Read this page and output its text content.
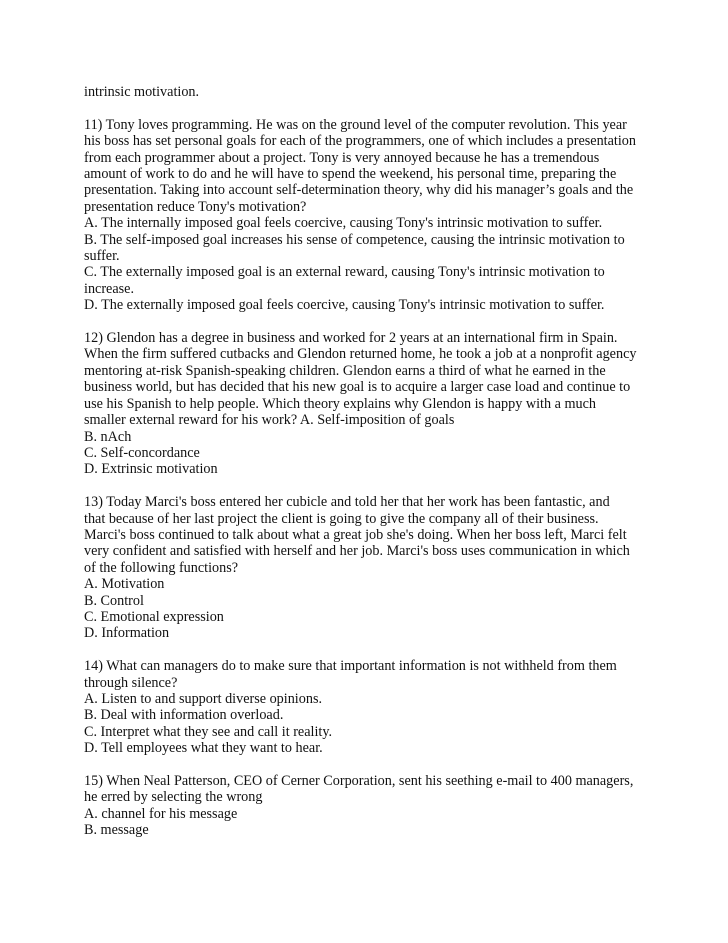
intrinsic motivation.
11) Tony loves programming. He was on the ground level of the computer revolution. This year
his boss has set personal goals for each of the programmers, one of which includes a presentation
from each programmer about a project. Tony is very annoyed because he has a tremendous
amount of work to do and he will have to spend the weekend, his personal time, preparing the
presentation. Taking into account self-determination theory, why did his manager’s goals and the
presentation reduce Tony's motivation?
A. The internally imposed goal feels coercive, causing Tony's intrinsic motivation to suffer.
B. The self-imposed goal increases his sense of competence, causing the intrinsic motivation to
suffer.
C. The externally imposed goal is an external reward, causing Tony's intrinsic motivation to
increase.
D. The externally imposed goal feels coercive, causing Tony's intrinsic motivation to suffer.
12) Glendon has a degree in business and worked for 2 years at an international firm in Spain.
When the firm suffered cutbacks and Glendon returned home, he took a job at a nonprofit agency
mentoring at-risk Spanish-speaking children. Glendon earns a third of what he earned in the
business world, but has decided that his new goal is to acquire a larger case load and continue to
use his Spanish to help people. Which theory explains why Glendon is happy with a much
smaller external reward for his work? A. Self-imposition of goals
B. nAch
C. Self-concordance
D. Extrinsic motivation
13) Today Marci's boss entered her cubicle and told her that her work has been fantastic, and
that because of her last project the client is going to give the company all of their business.
Marci's boss continued to talk about what a great job she's doing. When her boss left, Marci felt
very confident and satisfied with herself and her job. Marci's boss uses communication in which
of the following functions?
A. Motivation
B. Control
C. Emotional expression
D. Information
14) What can managers do to make sure that important information is not withheld from them
through silence?
A. Listen to and support diverse opinions.
B. Deal with information overload.
C. Interpret what they see and call it reality.
D. Tell employees what they want to hear.
15) When Neal Patterson, CEO of Cerner Corporation, sent his seething e-mail to 400 managers,
he erred by selecting the wrong
A. channel for his message
B. message
